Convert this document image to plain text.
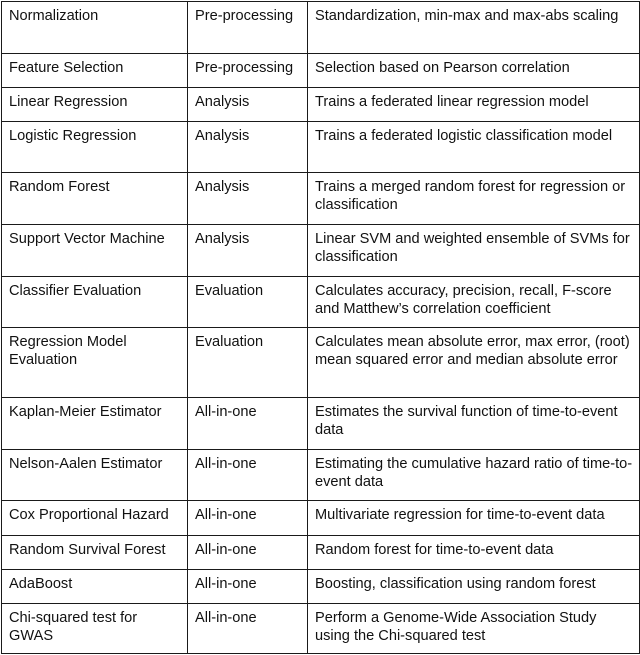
Normalization	Pre-processing	Standardization, min-max and max-abs scaling
Feature Selection	Pre-processing	Selection based on Pearson correlation
Linear Regression	Analysis	Trains a federated linear regression model
Logistic Regression	Analysis	Trains a federated logistic classification model
Random Forest	Analysis	Trains a merged random forest for regression or classification
Support Vector Machine	Analysis	Linear SVM and weighted ensemble of SVMs for classification
Classifier Evaluation	Evaluation	Calculates accuracy, precision, recall, F-score and Matthew’s correlation coefficient
Regression Model Evaluation	Evaluation	Calculates mean absolute error, max error, (root) mean squared error and median absolute error
Kaplan-Meier Estimator	All-in-one	Estimates the survival function of time-to-event data
Nelson-Aalen Estimator	All-in-one	Estimating the cumulative hazard ratio of time-to-event data
Cox Proportional Hazard	All-in-one	Multivariate regression for time-to-event data
Random Survival Forest	All-in-one	Random forest for time-to-event data
AdaBoost	All-in-one	Boosting, classification using random forest
Chi-squared test for GWAS	All-in-one	Perform a Genome-Wide Association Study using the Chi-squared test
